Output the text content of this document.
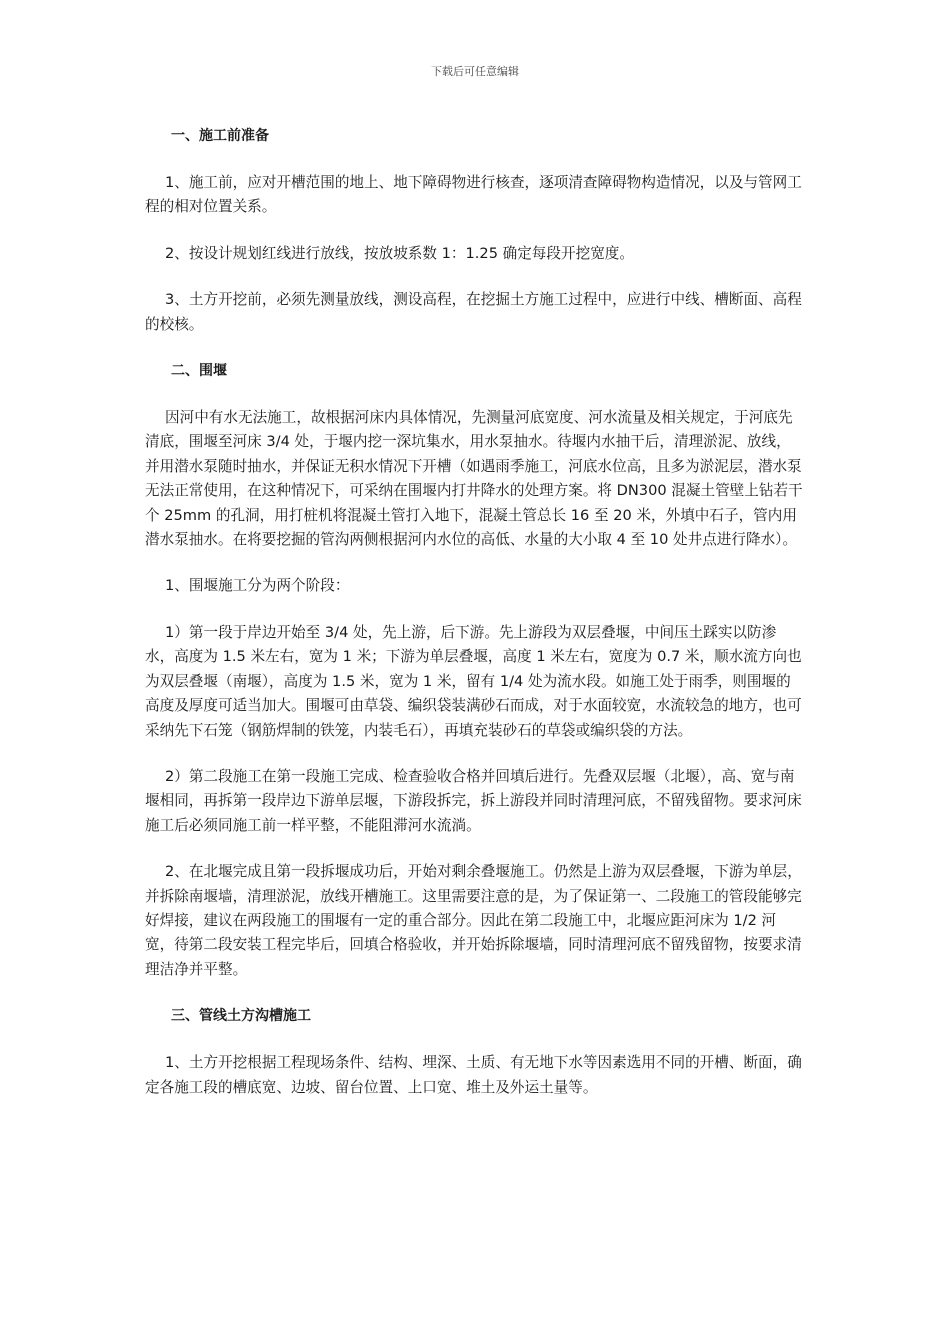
下载后可任意编辑
一、施工前准备

1、施工前，应对开槽范围的地上、地下障碍物进行核查，逐项清查障碍物构造情况，以及与管网工程的相对位置关系。

2、按设计规划红线进行放线，按放坡系数 1：1.25 确定每段开挖宽度。

3、土方开挖前，必须先测量放线，测设高程，在挖掘土方施工过程中，应进行中线、槽断面、高程的校核。

二、围堰

因河中有水无法施工，故根据河床内具体情况，先测量河底宽度、河水流量及相关规定，于河底先清底，围堰至河床 3/4 处，于堰内挖一深坑集水，用水泵抽水。待堰内水抽干后，清理淤泥、放线，并用潜水泵随时抽水，并保证无积水情况下开槽（如遇雨季施工，河底水位高，且多为淤泥层，潜水泵无法正常使用，在这种情况下，可采纳在围堰内打井降水的处理方案。将 DN300 混凝土管壁上钻若干个 25mm 的孔洞，用打桩机将混凝土管打入地下，混凝土管总长 16 至 20 米，外填中石子，管内用潜水泵抽水。在将要挖掘的管沟两侧根据河内水位的高低、水量的大小取 4 至 10 处井点进行降水）。

1、围堰施工分为两个阶段：

1）第一段于岸边开始至 3/4 处，先上游，后下游。先上游段为双层叠堰，中间压土踩实以防渗水，高度为 1.5 米左右，宽为 1 米；下游为单层叠堰，高度 1 米左右，宽度为 0.7 米，顺水流方向也为双层叠堰（南堰），高度为 1.5 米，宽为 1 米，留有 1/4 处为流水段。如施工处于雨季，则围堰的高度及厚度可适当加大。围堰可由草袋、编织袋装满砂石而成，对于水面较宽，水流较急的地方，也可采纳先下石笼（钢筋焊制的铁笼，内装毛石），再填充装砂石的草袋或编织袋的方法。

2）第二段施工在第一段施工完成、检查验收合格并回填后进行。先叠双层堰（北堰），高、宽与南堰相同，再拆第一段岸边下游单层堰，下游段拆完，拆上游段并同时清理河底，不留残留物。要求河床施工后必须同施工前一样平整，不能阻滞河水流淌。

2、在北堰完成且第一段拆堰成功后，开始对剩余叠堰施工。仍然是上游为双层叠堰，下游为单层，并拆除南堰墙，清理淤泥，放线开槽施工。这里需要注意的是，为了保证第一、二段施工的管段能够完好焊接，建议在两段施工的围堰有一定的重合部分。因此在第二段施工中，北堰应距河床为 1/2 河宽，待第二段安装工程完毕后，回填合格验收，并开始拆除堰墙，同时清理河底不留残留物，按要求清理洁净并平整。

三、管线土方沟槽施工

1、土方开挖根据工程现场条件、结构、埋深、土质、有无地下水等因素选用不同的开槽、断面，确定各施工段的槽底宽、边坡、留台位置、上口宽、堆土及外运土量等。
